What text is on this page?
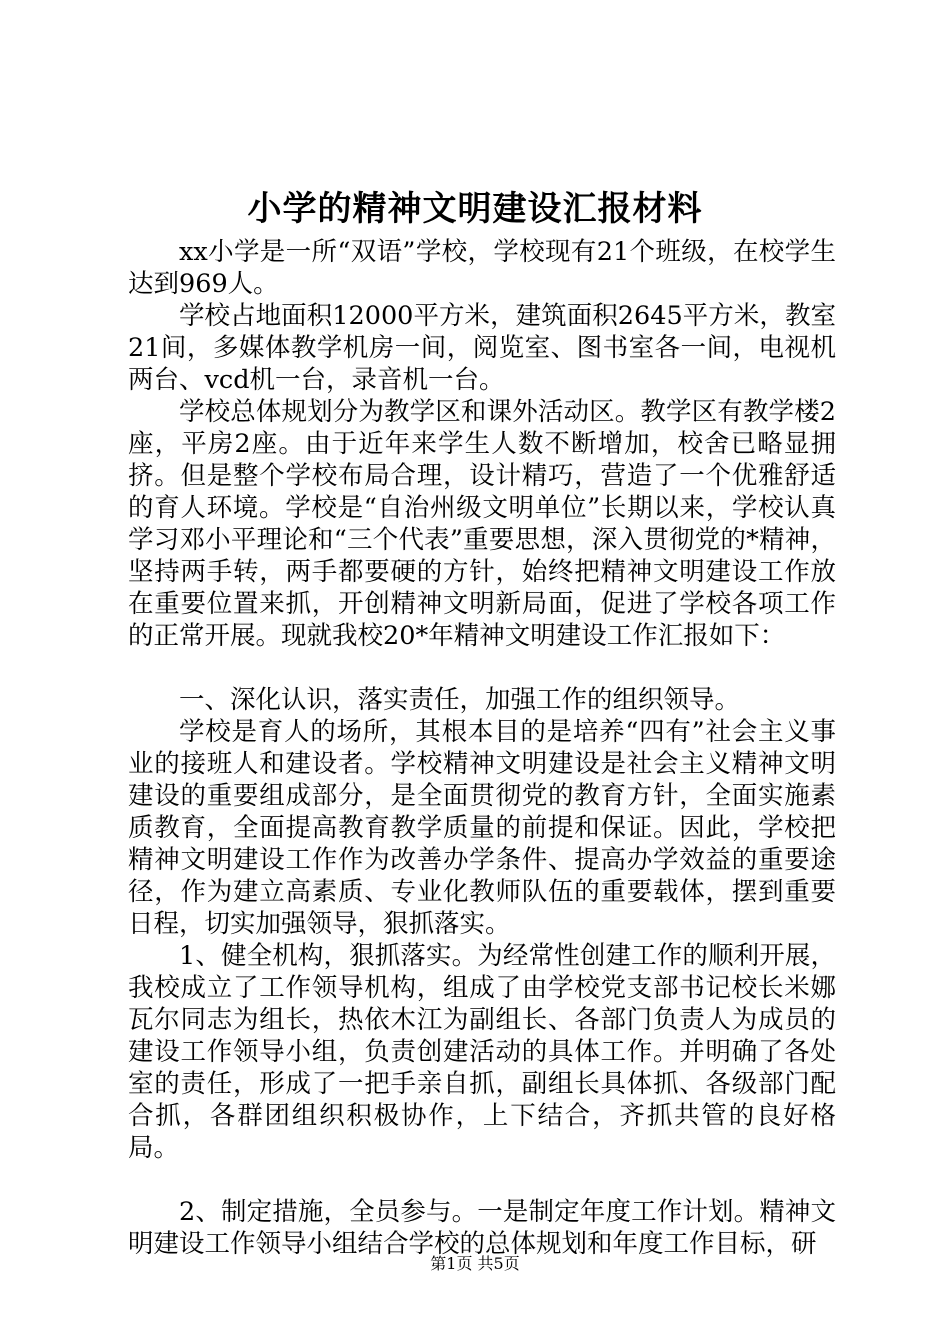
小学的精神文明建设汇报材料

xx小学是一所“双语”学校，学校现有21个班级，在校学生达到969人。

学校占地面积12000平方米，建筑面积2645平方米，教室21间，多媒体教学机房一间，阅览室、图书室各一间，电视机两台、vcd机一台，录音机一台。

学校总体规划分为教学区和课外活动区。教学区有教学楼2座，平房2座。由于近年来学生人数不断增加，校舍已略显拥挤。但是整个学校布局合理，设计精巧，营造了一个优雅舒适的育人环境。学校是“自治州级文明单位”长期以来，学校认真学习邓小平理论和“三个代表”重要思想，深入贯彻党的*精神，坚持两手转，两手都要硬的方针，始终把精神文明建设工作放在重要位置来抓，开创精神文明新局面，促进了学校各项工作的正常开展。现就我校20*年精神文明建设工作汇报如下：

一、深化认识，落实责任，加强工作的组织领导。

学校是育人的场所，其根本目的是培养“四有”社会主义事业的接班人和建设者。学校精神文明建设是社会主义精神文明建设的重要组成部分，是全面贯彻党的教育方针，全面实施素质教育，全面提高教育教学质量的前提和保证。因此，学校把精神文明建设工作作为改善办学条件、提高办学效益的重要途径，作为建立高素质、专业化教师队伍的重要载体，摆到重要日程，切实加强领导，狠抓落实。

1、健全机构，狠抓落实。为经常性创建工作的顺利开展，我校成立了工作领导机构，组成了由学校党支部书记校长米娜瓦尔同志为组长，热依木江为副组长、各部门负责人为成员的建设工作领导小组，负责创建活动的具体工作。并明确了各处室的责任，形成了一把手亲自抓，副组长具体抓、各级部门配合抓，各群团组织积极协作，上下结合，齐抓共管的良好格局。

2、制定措施，全员参与。一是制定年度工作计划。精神文明建设工作领导小组结合学校的总体规划和年度工作目标，研

第1页 共5页
